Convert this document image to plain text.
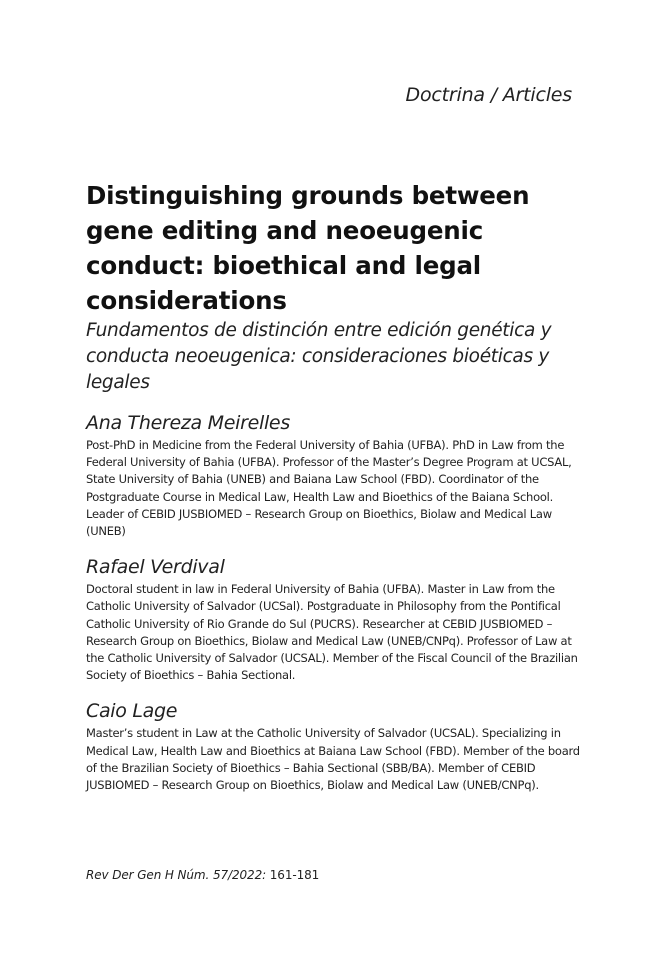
Doctrina / Articles
Distinguishing grounds between gene editing and neoeugenic conduct: bioethical and legal considerations

Fundamentos de distinción entre edición genética y conducta neoeugenica: consideraciones bioéticas y legales

Ana Thereza Meirelles
Post-PhD in Medicine from the Federal University of Bahia (UFBA). PhD in Law from the Federal University of Bahia (UFBA). Professor of the Master’s Degree Program at UCSAL, State University of Bahia (UNEB) and Baiana Law School (FBD). Coordinator of the Postgraduate Course in Medical Law, Health Law and Bioethics of the Baiana School. Leader of CEBID JUSBIOMED – Research Group on Bioethics, Biolaw and Medical Law (UNEB)
Rafael Verdival
Doctoral student in law in Federal University of Bahia (UFBA). Master in Law from the Catholic University of Salvador (UCSal). Postgraduate in Philosophy from the Pontifical Catholic University of Rio Grande do Sul (PUCRS). Researcher at CEBID JUSBIOMED – Research Group on Bioethics, Biolaw and Medical Law (UNEB/CNPq). Professor of Law at the Catholic University of Salvador (UCSAL). Member of the Fiscal Council of the Brazilian Society of Bioethics – Bahia Sectional.
Caio Lage
Master’s student in Law at the Catholic University of Salvador (UCSAL). Specializing in Medical Law, Health Law and Bioethics at Baiana Law School (FBD). Member of the board of the Brazilian Society of Bioethics – Bahia Sectional (SBB/BA). Member of CEBID JUSBIOMED – Research Group on Bioethics, Biolaw and Medical Law (UNEB/CNPq).
Rev Der Gen H Núm. 57/2022: 161-181
